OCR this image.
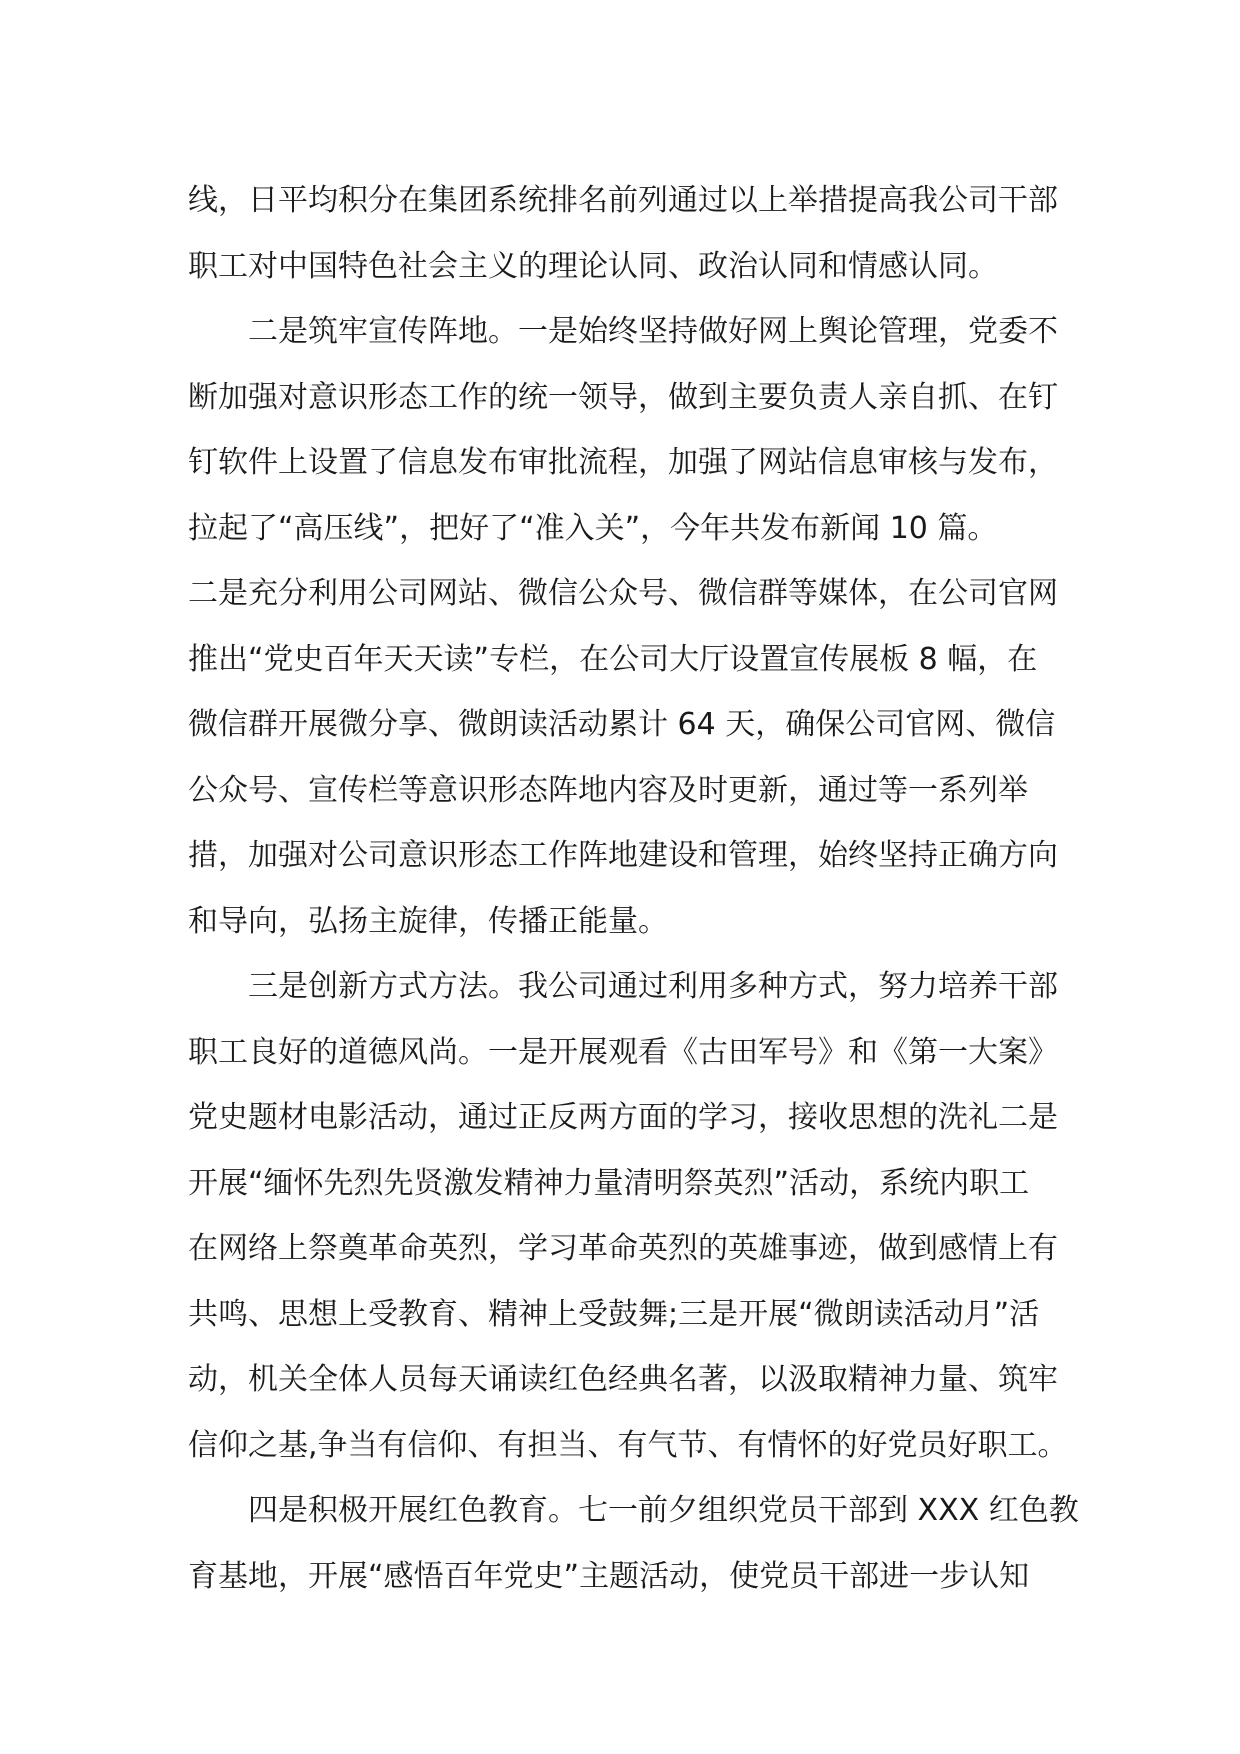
线，日平均积分在集团系统排名前列通过以上举措提高我公司干部
职工对中国特色社会主义的理论认同、政治认同和情感认同。
　　二是筑牢宣传阵地。一是始终坚持做好网上舆论管理，党委不
断加强对意识形态工作的统一领导，做到主要负责人亲自抓、在钉
钉软件上设置了信息发布审批流程，加强了网站信息审核与发布，
拉起了“高压线”，把好了“准入关”，今年共发布新闻 10 篇。
二是充分利用公司网站、微信公众号、微信群等媒体，在公司官网
推出“党史百年天天读”专栏，在公司大厅设置宣传展板 8 幅，在
微信群开展微分享、微朗读活动累计 64 天，确保公司官网、微信
公众号、宣传栏等意识形态阵地内容及时更新，通过等一系列举
措，加强对公司意识形态工作阵地建设和管理，始终坚持正确方向
和导向，弘扬主旋律，传播正能量。
　　三是创新方式方法。我公司通过利用多种方式，努力培养干部
职工良好的道德风尚。一是开展观看《古田军号》和《第一大案》
党史题材电影活动，通过正反两方面的学习，接收思想的洗礼二是
开展“缅怀先烈先贤激发精神力量清明祭英烈”活动，系统内职工
在网络上祭奠革命英烈，学习革命英烈的英雄事迹，做到感情上有
共鸣、思想上受教育、精神上受鼓舞;三是开展“微朗读活动月”活
动，机关全体人员每天诵读红色经典名著，以汲取精神力量、筑牢
信仰之基,争当有信仰、有担当、有气节、有情怀的好党员好职工。
　　四是积极开展红色教育。七一前夕组织党员干部到 XXX 红色教
育基地，开展“感悟百年党史”主题活动，使党员干部进一步认知
